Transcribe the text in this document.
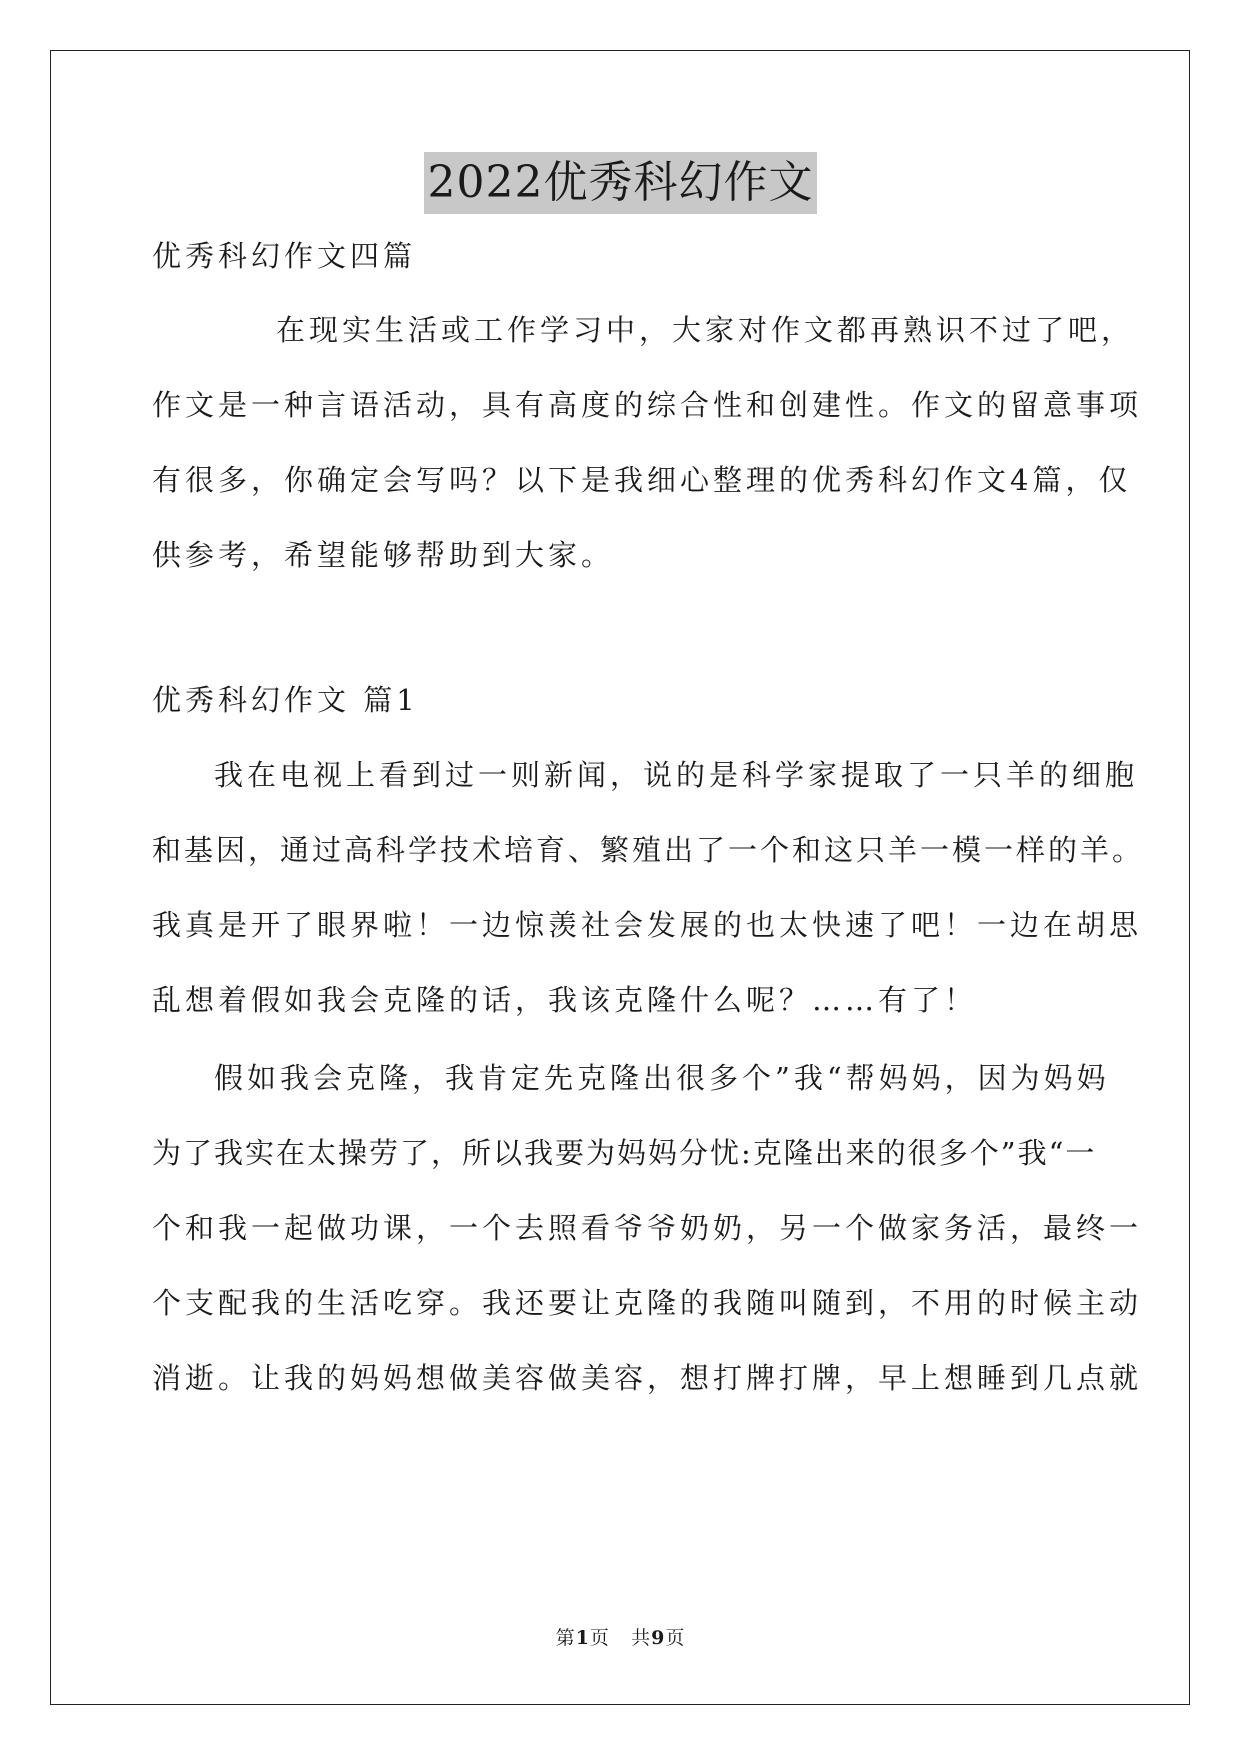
2022优秀科幻作文

优秀科幻作文四篇

在现实生活或工作学习中，大家对作文都再熟识不过了吧，

作文是一种言语活动，具有高度的综合性和创建性。作文的留意事项

有很多，你确定会写吗？以下是我细心整理的优秀科幻作文4篇，仅

供参考，希望能够帮助到大家。

优秀科幻作文 篇1

我在电视上看到过一则新闻，说的是科学家提取了一只羊的细胞

和基因，通过高科学技术培育、繁殖出了一个和这只羊一模一样的羊。

我真是开了眼界啦！一边惊羡社会发展的也太快速了吧！一边在胡思

乱想着假如我会克隆的话，我该克隆什么呢？……有了！

假如我会克隆，我肯定先克隆出很多个”我“帮妈妈，因为妈妈

为了我实在太操劳了，所以我要为妈妈分忧:克隆出来的很多个”我“一

个和我一起做功课，一个去照看爷爷奶奶，另一个做家务活，最终一

个支配我的生活吃穿。我还要让克隆的我随叫随到，不用的时候主动

消逝。让我的妈妈想做美容做美容，想打牌打牌，早上想睡到几点就

第1页 共9页
